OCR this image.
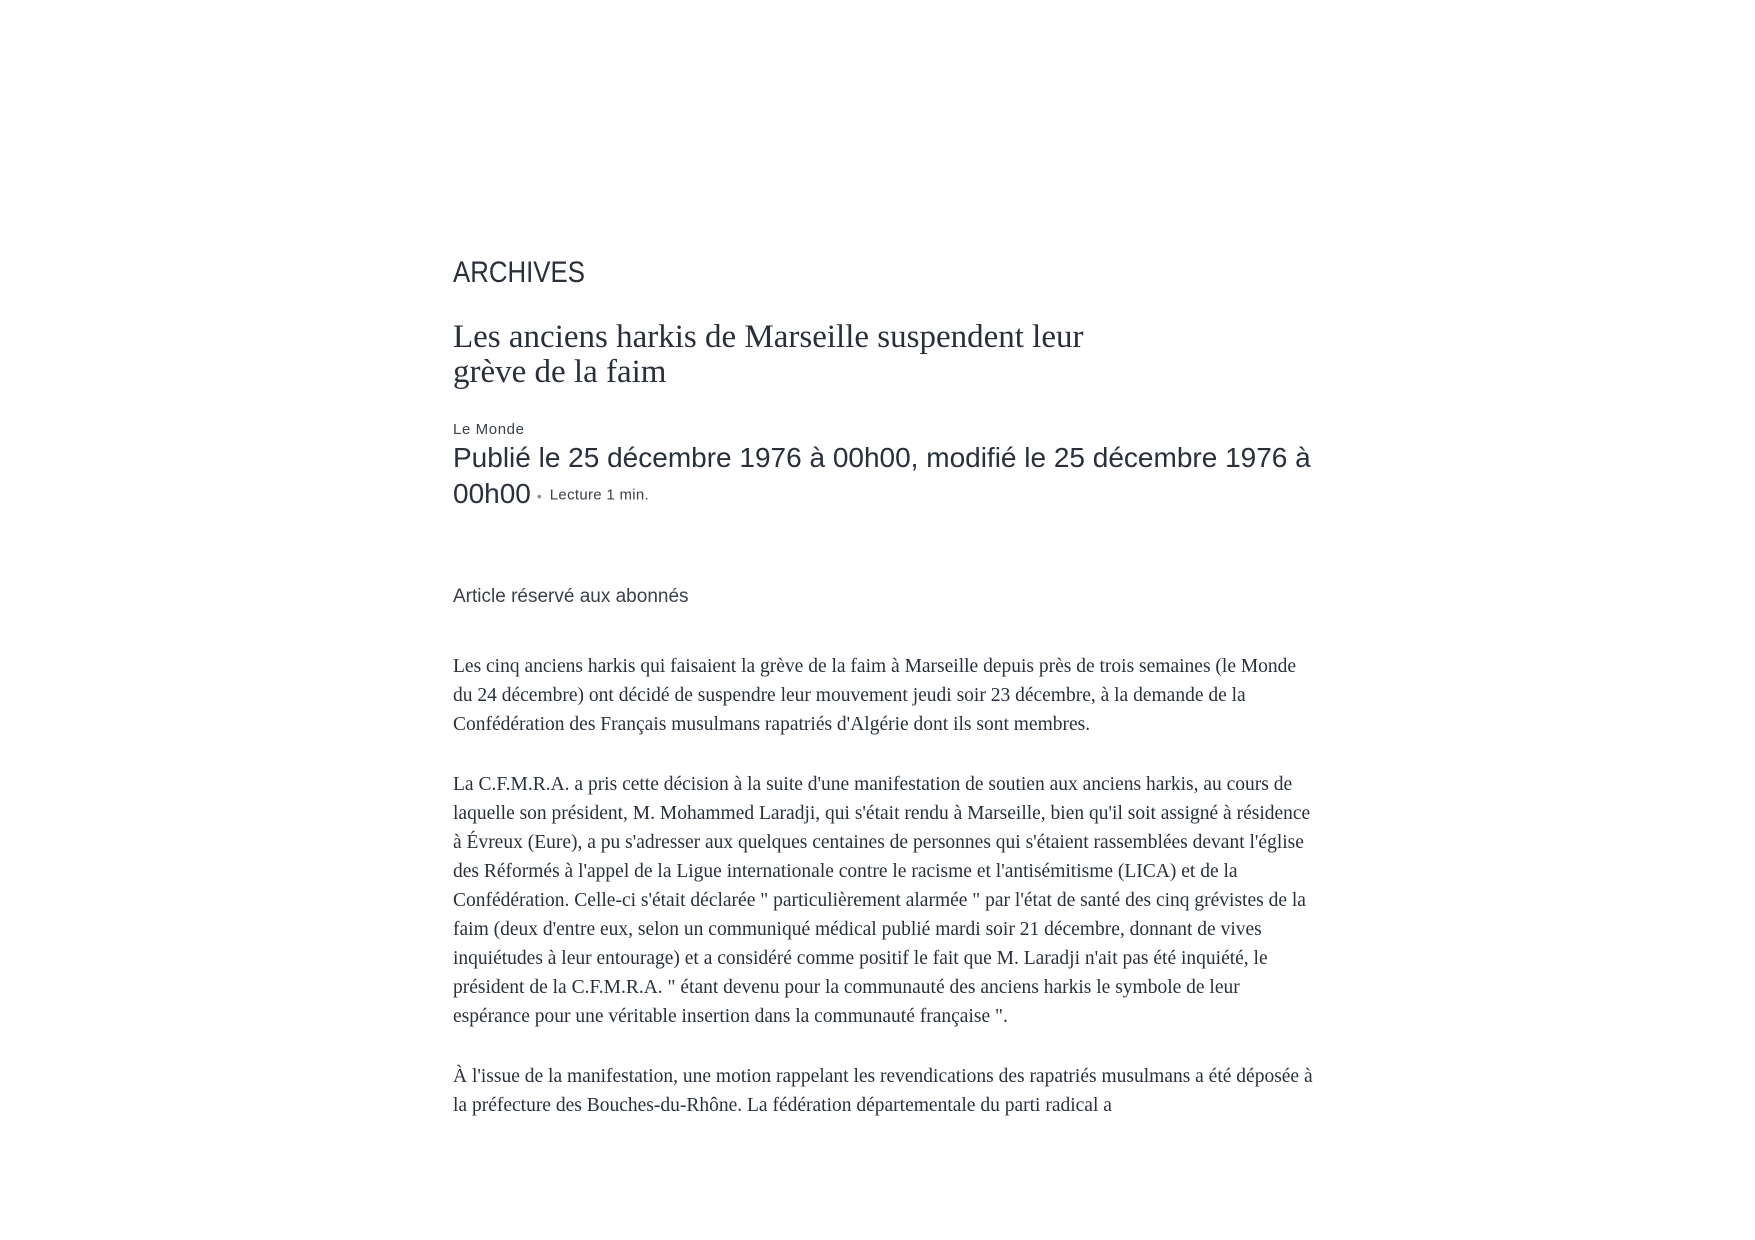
ARCHIVES
Les anciens harkis de Marseille suspendent leur grève de la faim
Le Monde
Publié le 25 décembre 1976 à 00h00, modifié le 25 décembre 1976 à 00h00 • Lecture 1 min.
Article réservé aux abonnés

Les cinq anciens harkis qui faisaient la grève de la faim à Marseille depuis près de trois semaines (le Monde du 24 décembre) ont décidé de suspendre leur mouvement jeudi soir 23 décembre, à la demande de la Confédération des Français musulmans rapatriés d'Algérie dont ils sont membres.

La C.F.M.R.A. a pris cette décision à la suite d'une manifestation de soutien aux anciens harkis, au cours de laquelle son président, M. Mohammed Laradji, qui s'était rendu à Marseille, bien qu'il soit assigné à résidence à Évreux (Eure), a pu s'adresser aux quelques centaines de personnes qui s'étaient rassemblées devant l'église des Réformés à l'appel de la Ligue internationale contre le racisme et l'antisémitisme (LICA) et de la Confédération. Celle-ci s'était déclarée " particulièrement alarmée " par l'état de santé des cinq grévistes de la faim (deux d'entre eux, selon un communiqué médical publié mardi soir 21 décembre, donnant de vives inquiétudes à leur entourage) et a considéré comme positif le fait que M. Laradji n'ait pas été inquiété, le président de la C.F.M.R.A. " étant devenu pour la communauté des anciens harkis le symbole de leur espérance pour une véritable insertion dans la communauté française ".

À l'issue de la manifestation, une motion rappelant les revendications des rapatriés musulmans a été déposée à la préfecture des Bouches-du-Rhône. La fédération départementale du parti radical a
